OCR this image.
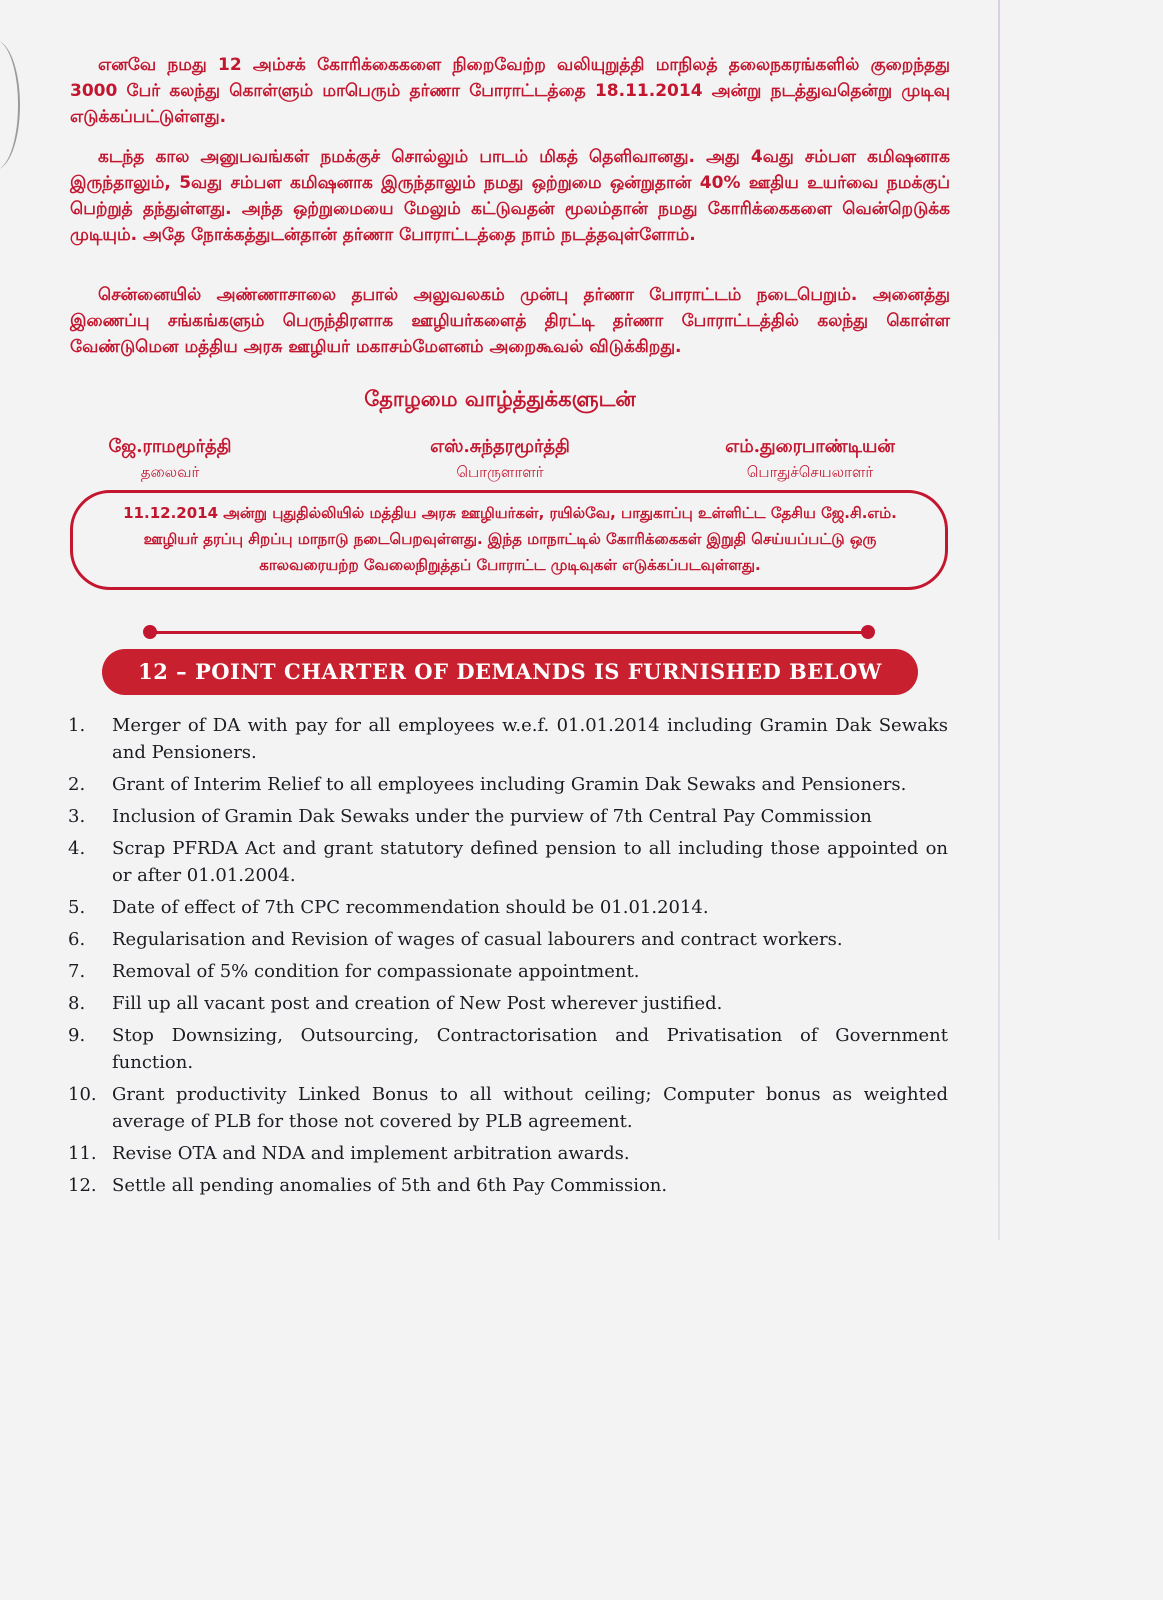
எனவே நமது 12 அம்சக் கோரிக்கைகளை நிறைவேற்ற வலியுறுத்தி மாநிலத் தலைநகரங்களில் குறைந்தது 3000 பேர் கலந்து கொள்ளும் மாபெரும் தர்ணா போராட்டத்தை 18.11.2014 அன்று நடத்துவதென்று முடிவு எடுக்கப்பட்டுள்ளது.

கடந்த கால அனுபவங்கள் நமக்குச் சொல்லும் பாடம் மிகத் தெளிவானது. அது 4வது சம்பள கமிஷனாக இருந்தாலும், 5வது சம்பள கமிஷனாக இருந்தாலும் நமது ஒற்றுமை ஒன்றுதான் 40% ஊதிய உயர்வை நமக்குப் பெற்றுத் தந்துள்ளது. அந்த ஒற்றுமையை மேலும் கட்டுவதன் மூலம்தான் நமது கோரிக்கைகளை வென்றெடுக்க முடியும். அதே நோக்கத்துடன்தான் தர்ணா போராட்டத்தை நாம் நடத்தவுள்ளோம்.

சென்னையில் அண்ணாசாலை தபால் அலுவலகம் முன்பு தர்ணா போராட்டம் நடைபெறும். அனைத்து இணைப்பு சங்கங்களும் பெருந்திரளாக ஊழியர்களைத் திரட்டி தர்ணா போராட்டத்தில் கலந்து கொள்ள வேண்டுமென மத்திய அரசு ஊழியர் மகாசம்மேளனம் அறைகூவல் விடுக்கிறது.

தோழமை வாழ்த்துக்களுடன்
ஜே.ராமமூர்த்தி
தலைவர்
எஸ்.சுந்தரமூர்த்தி
பொருளாளர்
எம்.துரைபாண்டியன்
பொதுச்செயலாளர்

11.12.2014 அன்று புதுதில்லியில் மத்திய அரசு ஊழியர்கள், ரயில்வே, பாதுகாப்பு உள்ளிட்ட தேசிய ஜே.சி.எம். ஊழியர் தரப்பு சிறப்பு மாநாடு நடைபெறவுள்ளது. இந்த மாநாட்டில் கோரிக்கைகள் இறுதி செய்யப்பட்டு ஒரு காலவரையற்ற வேலைநிறுத்தப் போராட்ட முடிவுகள் எடுக்கப்படவுள்ளது.

12 – POINT CHARTER OF DEMANDS IS FURNISHED BELOW
1. Merger of DA with pay for all employees w.e.f. 01.01.2014 including Gramin Dak Sewaks and Pensioners.
2. Grant of Interim Relief to all employees including Gramin Dak Sewaks and Pensioners.
3. Inclusion of Gramin Dak Sewaks under the purview of 7th Central Pay Commission
4. Scrap PFRDA Act and grant statutory defined pension to all including those appointed on or after 01.01.2004.
5. Date of effect of 7th CPC recommendation should be 01.01.2014.
6. Regularisation and Revision of wages of casual labourers and contract workers.
7. Removal of 5% condition for compassionate appointment.
8. Fill up all vacant post and creation of New Post wherever justified.
9. Stop Downsizing, Outsourcing, Contractorisation and Privatisation of Government function.
10. Grant productivity Linked Bonus to all without ceiling; Computer bonus as weighted average of PLB for those not covered by PLB agreement.
11. Revise OTA and NDA and implement arbitration awards.
12. Settle all pending anomalies of 5th and 6th Pay Commission.
